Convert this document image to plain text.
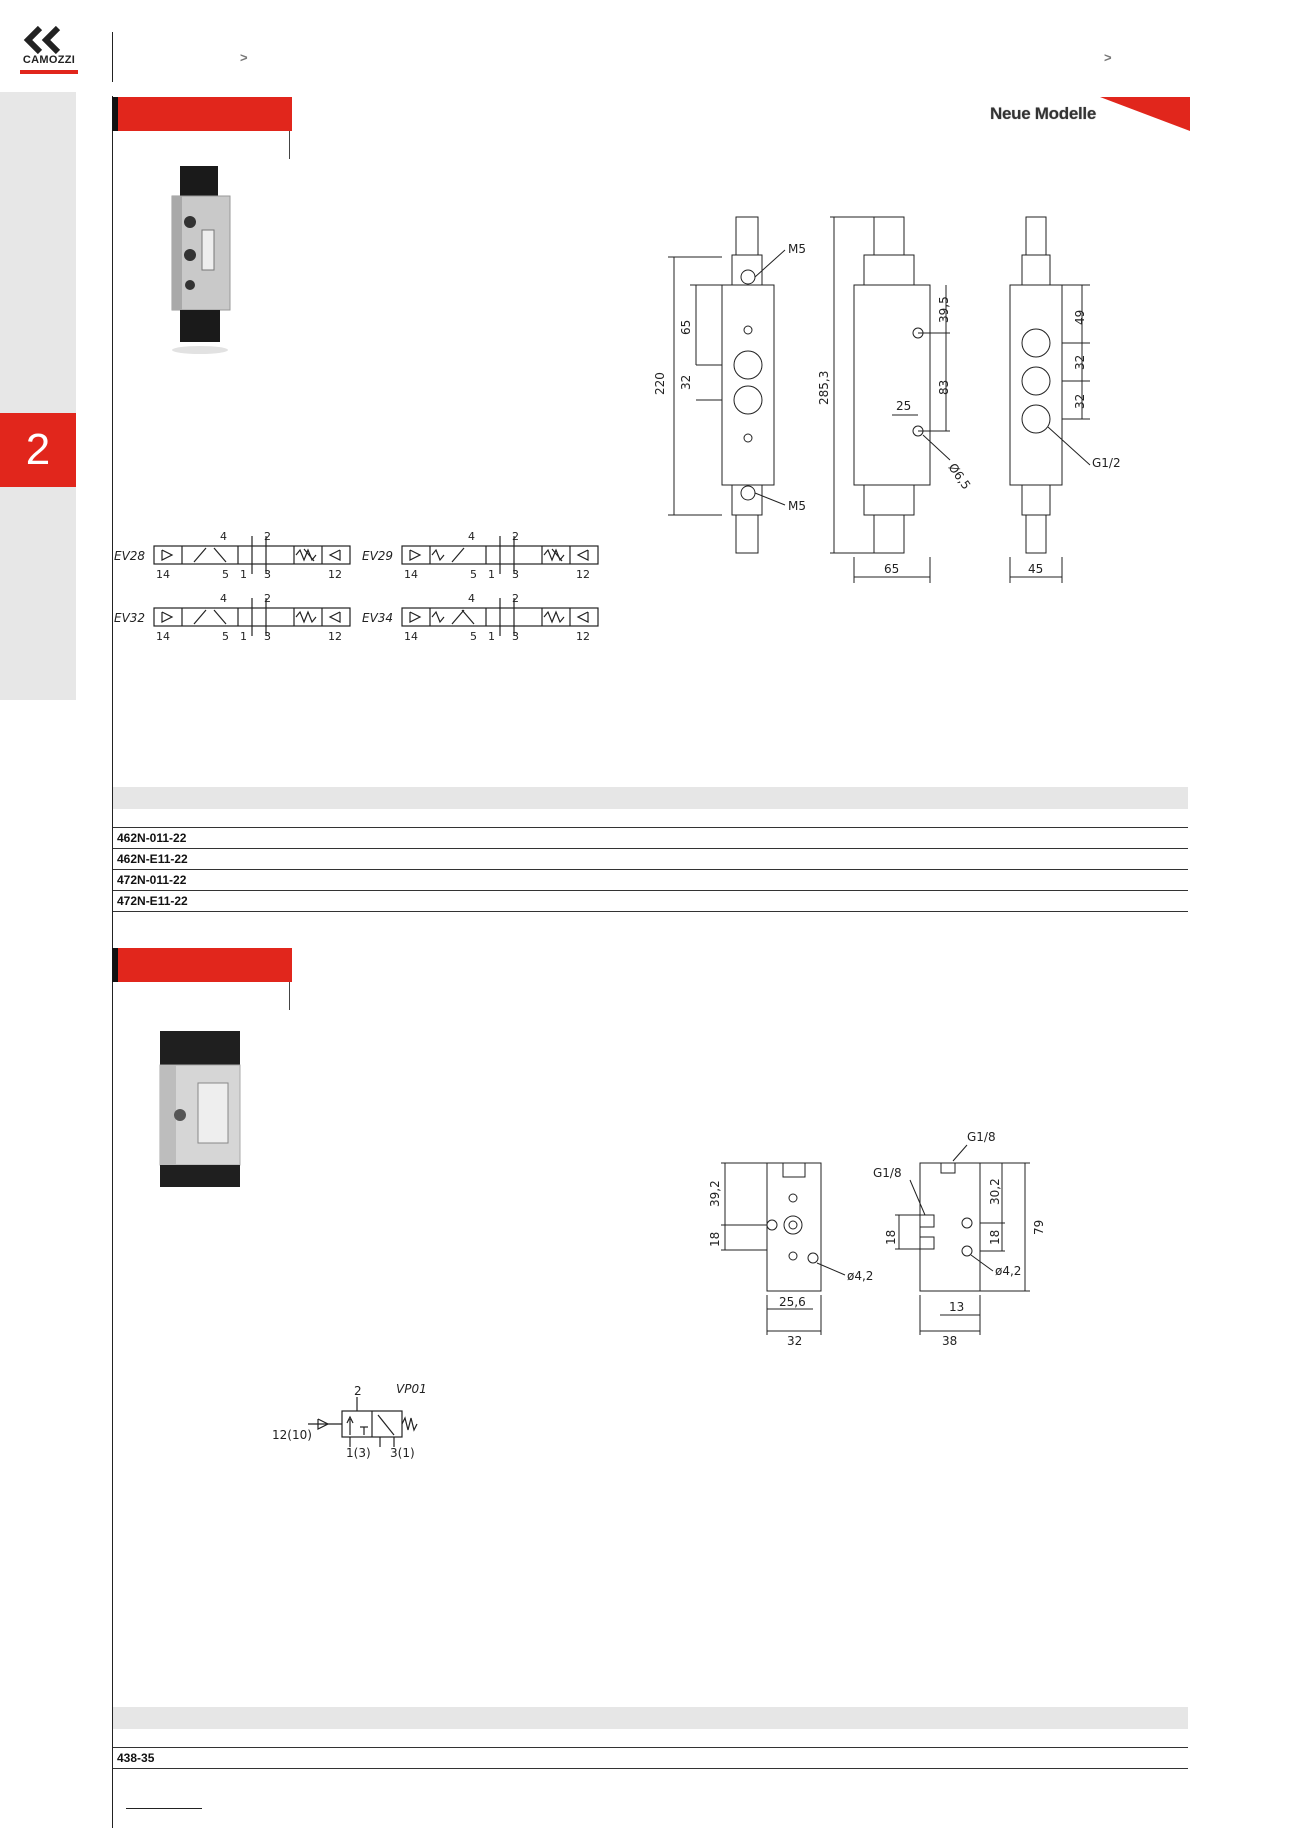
CAMOZZI	>	>
2
Neue Modelle
EV28	EV29
EV32	EV34
4	2	4	2
4	2	4	2
14	5 1 3	12	14	5 1 3	12
14	5 1 3	12	14	5 1 3	12
M5
M5
220
65
32	285,3
39,5
83
25
Ø6,5
65
49
32
32
G1/2
45

462N-011-22
462N-E11-22
472N-011-22
472N-E11-22
39,2
18
25,6
32
ø4,2
G1/8
G1/8
18
30,2
18
79
ø4,2
13
38
VP01
2
12(10)
1(3) 3(1)

438-35
